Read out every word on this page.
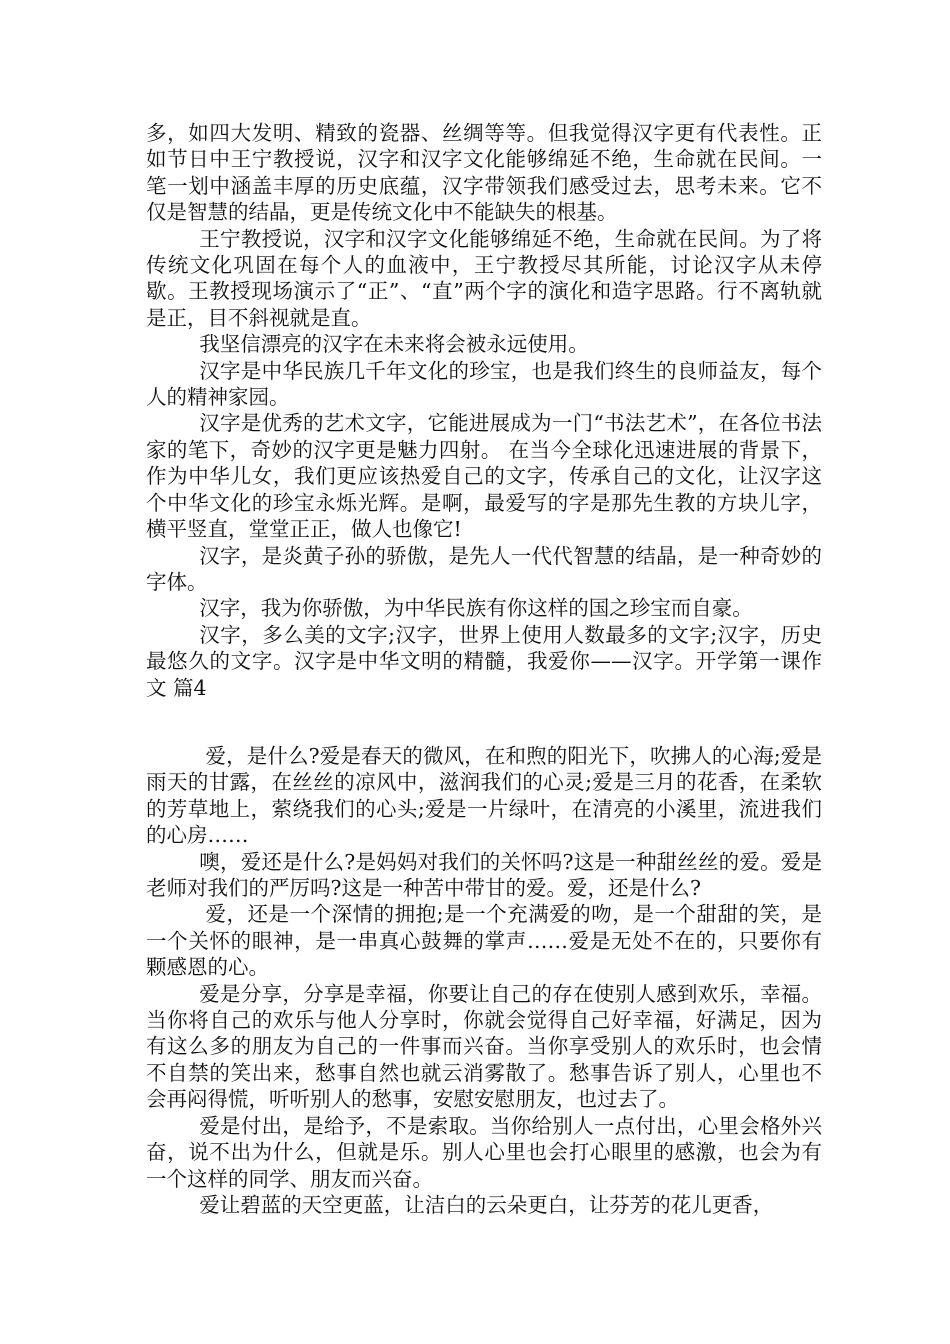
多，如四大发明、精致的瓷器、丝绸等等。但我觉得汉字更有代表性。正如节日中王宁教授说，汉字和汉字文化能够绵延不绝，生命就在民间。一笔一划中涵盖丰厚的历史底蕴，汉字带领我们感受过去，思考未来。它不仅是智慧的结晶，更是传统文化中不能缺失的根基。

王宁教授说，汉字和汉字文化能够绵延不绝，生命就在民间。为了将传统文化巩固在每个人的血液中，王宁教授尽其所能，讨论汉字从未停歇。王教授现场演示了“正”、“直”两个字的演化和造字思路。行不离轨就是正，目不斜视就是直。

我坚信漂亮的汉字在未来将会被永远使用。

汉字是中华民族几千年文化的珍宝，也是我们终生的良师益友，每个人的精神家园。

汉字是优秀的艺术文字，它能进展成为一门“书法艺术”，在各位书法家的笔下，奇妙的汉字更是魅力四射。 在当今全球化迅速进展的背景下，作为中华儿女，我们更应该热爱自己的文字，传承自己的文化，让汉字这个中华文化的珍宝永烁光辉。是啊，最爱写的字是那先生教的方块儿字，横平竖直，堂堂正正，做人也像它!

汉字，是炎黄子孙的骄傲，是先人一代代智慧的结晶，是一种奇妙的字体。

汉字，我为你骄傲，为中华民族有你这样的国之珍宝而自豪。

汉字，多么美的文字;汉字，世界上使用人数最多的文字;汉字，历史最悠久的文字。汉字是中华文明的精髓，我爱你——汉字。开学第一课作文 篇4

爱，是什么?爱是春天的微风，在和煦的阳光下，吹拂人的心海;爱是雨天的甘露，在丝丝的凉风中，滋润我们的心灵;爱是三月的花香，在柔软的芳草地上，萦绕我们的心头;爱是一片绿叶，在清亮的小溪里，流进我们的心房……

噢，爱还是什么?是妈妈对我们的关怀吗?这是一种甜丝丝的爱。爱是老师对我们的严厉吗?这是一种苦中带甘的爱。爱，还是什么?

爱，还是一个深情的拥抱;是一个充满爱的吻，是一个甜甜的笑，是一个关怀的眼神，是一串真心鼓舞的掌声……爱是无处不在的，只要你有颗感恩的心。

爱是分享，分享是幸福，你要让自己的存在使别人感到欢乐，幸福。当你将自己的欢乐与他人分享时，你就会觉得自己好幸福，好满足，因为有这么多的朋友为自己的一件事而兴奋。当你享受别人的欢乐时，也会情不自禁的笑出来，愁事自然也就云消雾散了。愁事告诉了别人，心里也不会再闷得慌，听听别人的愁事，安慰安慰朋友，也过去了。

爱是付出，是给予，不是索取。当你给别人一点付出，心里会格外兴奋，说不出为什么，但就是乐。别人心里也会打心眼里的感激，也会为有一个这样的同学、朋友而兴奋。

爱让碧蓝的天空更蓝，让洁白的云朵更白，让芬芳的花儿更香，
